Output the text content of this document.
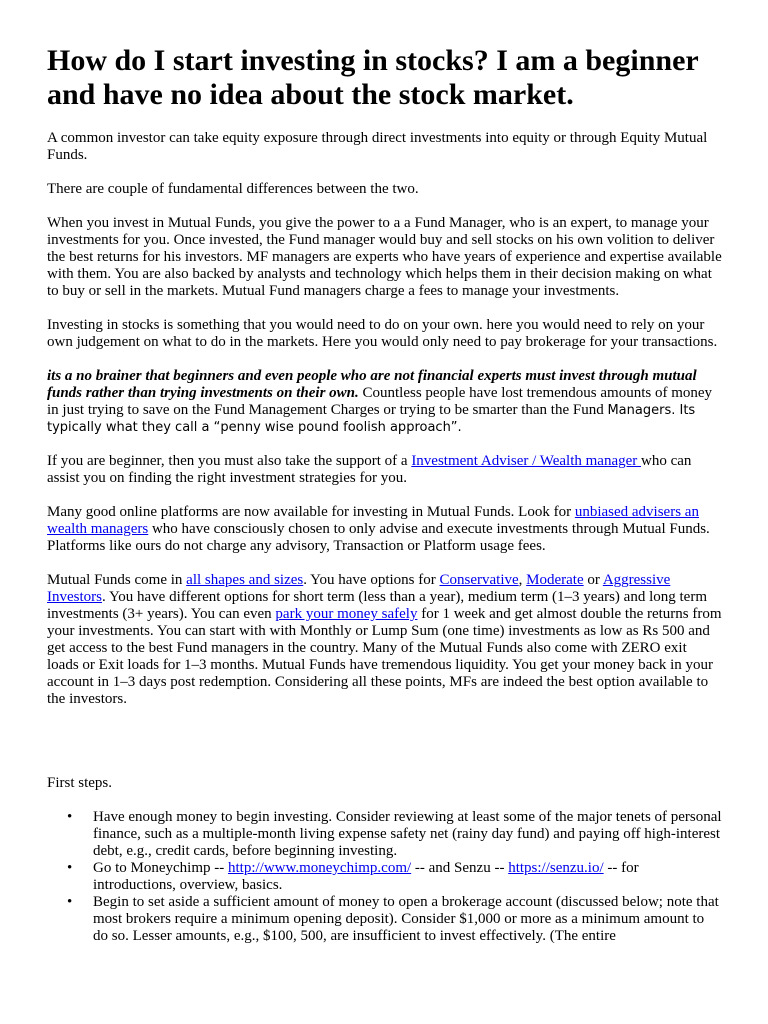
How do I start investing in stocks? I am a beginner and have no idea about the stock market.

A common investor can take equity exposure through direct investments into equity or through Equity Mutual Funds.

There are couple of fundamental differences between the two.

When you invest in Mutual Funds, you give the power to a a Fund Manager, who is an expert, to manage your investments for you. Once invested, the Fund manager would buy and sell stocks on his own volition to deliver the best returns for his investors. MF managers are experts who have years of experience and expertise available with them. You are also backed by analysts and technology which helps them in their decision making on what to buy or sell in the markets. Mutual Fund managers charge a fees to manage your investments.

Investing in stocks is something that you would need to do on your own. here you would need to rely on your own judgement on what to do in the markets. Here you would only need to pay brokerage for your transactions.

its a no brainer that beginners and even people who are not financial experts must invest through mutual funds rather than trying investments on their own. Countless people have lost tremendous amounts of money in just trying to save on the Fund Management Charges or trying to be smarter than the Fund Managers. Its typically what they call a “penny wise pound foolish approach”.

If you are beginner, then you must also take the support of a Investment Adviser / Wealth manager who can assist you on finding the right investment strategies for you.

Many good online platforms are now available for investing in Mutual Funds. Look for unbiased advisers an wealth managers who have consciously chosen to only advise and execute investments through Mutual Funds. Platforms like ours do not charge any advisory, Transaction or Platform usage fees.

Mutual Funds come in all shapes and sizes. You have options for Conservative, Moderate or Aggressive Investors. You have different options for short term (less than a year), medium term (1–3 years) and long term investments (3+ years). You can even park your money safely for 1 week and get almost double the returns from your investments. You can start with with Monthly or Lump Sum (one time) investments as low as Rs 500 and get access to the best Fund managers in the country. Many of the Mutual Funds also come with ZERO exit loads or Exit loads for 1–3 months. Mutual Funds have tremendous liquidity. You get your money back in your account in 1–3 days post redemption. Considering all these points, MFs are indeed the best option available to the investors.

First steps.

• Have enough money to begin investing. Consider reviewing at least some of the major tenets of personal finance, such as a multiple-month living expense safety net (rainy day fund) and paying off high-interest debt, e.g., credit cards, before beginning investing.
• Go to Moneychimp -- http://www.moneychimp.com/ -- and Senzu -- https://senzu.io/ -- for introductions, overview, basics.
• Begin to set aside a sufficient amount of money to open a brokerage account (discussed below; note that most brokers require a minimum opening deposit). Consider $1,000 or more as a minimum amount to do so. Lesser amounts, e.g., $100, 500, are insufficient to invest effectively. (The entire
